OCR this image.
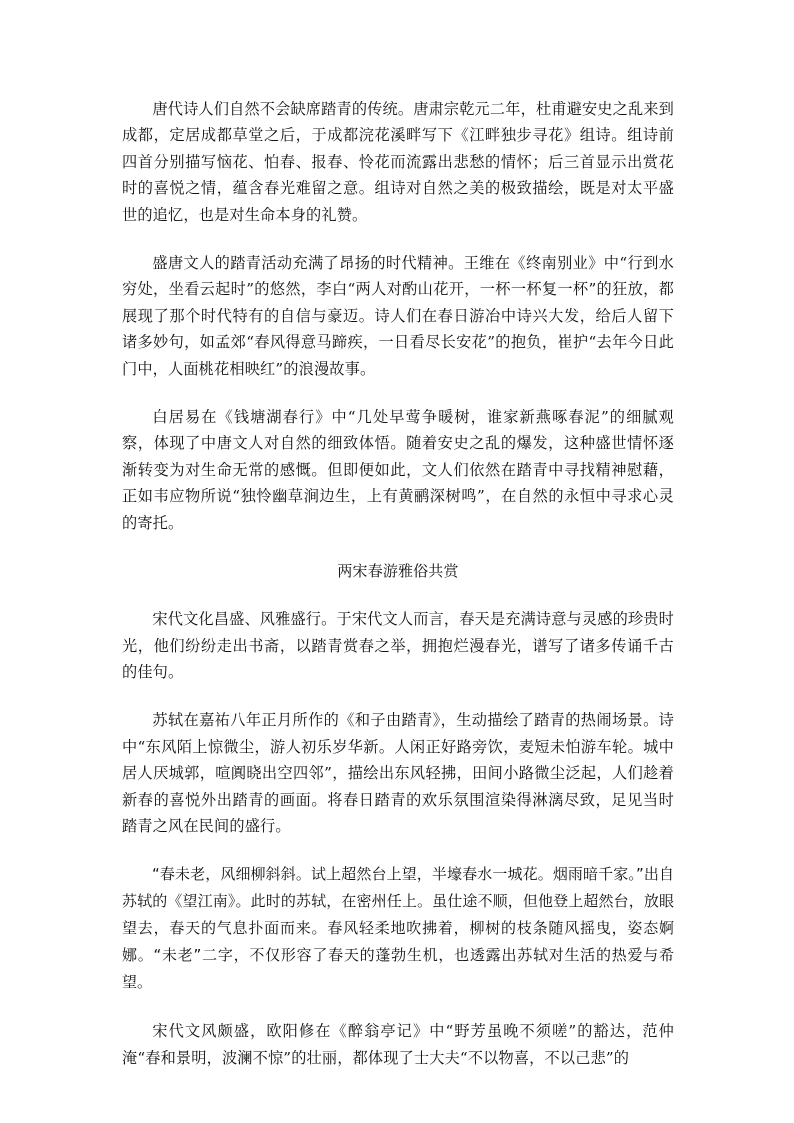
唐代诗人们自然不会缺席踏青的传统。唐肃宗乾元二年，杜甫避安史之乱来到成都，定居成都草堂之后，于成都浣花溪畔写下《江畔独步寻花》组诗。组诗前四首分别描写恼花、怕春、报春、怜花而流露出悲愁的情怀；后三首显示出赏花时的喜悦之情，蕴含春光难留之意。组诗对自然之美的极致描绘，既是对太平盛世的追忆，也是对生命本身的礼赞。

盛唐文人的踏青活动充满了昂扬的时代精神。王维在《终南别业》中“行到水穷处，坐看云起时”的悠然，李白“两人对酌山花开，一杯一杯复一杯”的狂放，都展现了那个时代特有的自信与豪迈。诗人们在春日游冶中诗兴大发，给后人留下诸多妙句，如孟郊“春风得意马蹄疾，一日看尽长安花”的抱负，崔护“去年今日此门中，人面桃花相映红”的浪漫故事。

白居易在《钱塘湖春行》中“几处早莺争暖树，谁家新燕啄春泥”的细腻观察，体现了中唐文人对自然的细致体悟。随着安史之乱的爆发，这种盛世情怀逐渐转变为对生命无常的感慨。但即便如此，文人们依然在踏青中寻找精神慰藉，正如韦应物所说“独怜幽草涧边生，上有黄鹂深树鸣”，在自然的永恒中寻求心灵的寄托。

两宋春游雅俗共赏

宋代文化昌盛、风雅盛行。于宋代文人而言，春天是充满诗意与灵感的珍贵时光，他们纷纷走出书斋，以踏青赏春之举，拥抱烂漫春光，谱写了诸多传诵千古的佳句。

苏轼在嘉祐八年正月所作的《和子由踏青》，生动描绘了踏青的热闹场景。诗中“东风陌上惊微尘，游人初乐岁华新。人闲正好路旁饮，麦短未怕游车轮。城中居人厌城郭，喧阗晓出空四邻”，描绘出东风轻拂，田间小路微尘泛起，人们趁着新春的喜悦外出踏青的画面。将春日踏青的欢乐氛围渲染得淋漓尽致，足见当时踏青之风在民间的盛行。

“春未老，风细柳斜斜。试上超然台上望，半壕春水一城花。烟雨暗千家。”出自苏轼的《望江南》。此时的苏轼，在密州任上。虽仕途不顺，但他登上超然台，放眼望去，春天的气息扑面而来。春风轻柔地吹拂着，柳树的枝条随风摇曳，姿态婀娜。“未老”二字，不仅形容了春天的蓬勃生机，也透露出苏轼对生活的热爱与希望。

宋代文风颇盛，欧阳修在《醉翁亭记》中“野芳虽晚不须嗟”的豁达，范仲淹“春和景明，波澜不惊”的壮丽，都体现了士大夫“不以物喜，不以己悲”的
